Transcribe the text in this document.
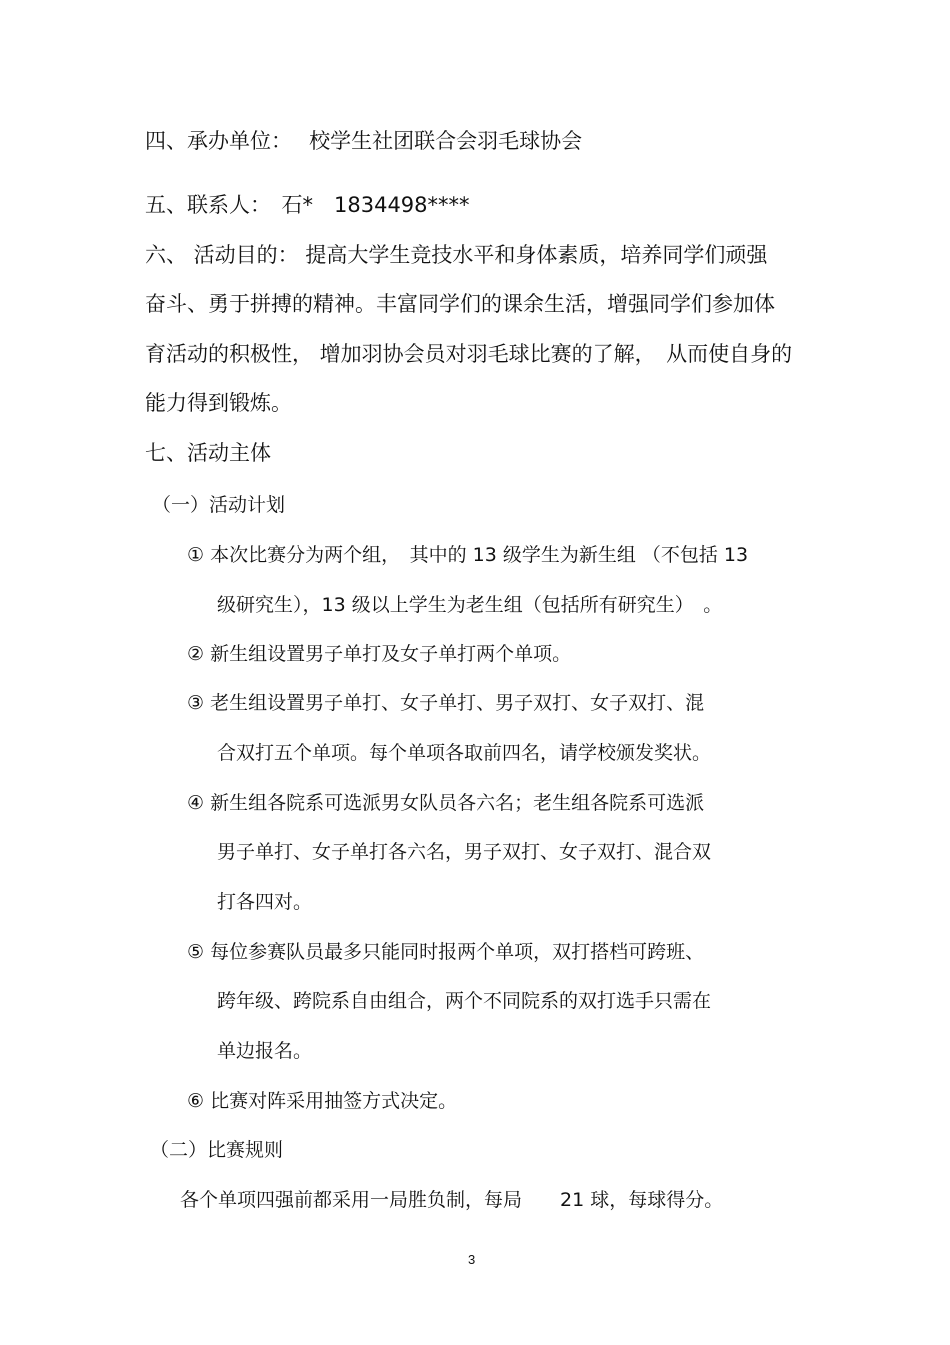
四、承办单位：　 校学生社团联合会羽毛球协会
五、联系人：　石*　1834498****
六、 活动目的： 提高大学生竞技水平和身体素质，培养同学们顽强
奋斗、勇于拼搏的精神。丰富同学们的课余生活，增强同学们参加体
育活动的积极性， 增加羽协会员对羽毛球比赛的了解，　从而使自身的
能力得到锻炼。
七、活动主体
（一）活动计划
① 本次比赛分为两个组，　其中的 13 级学生为新生组 （不包括 13
级研究生），13 级以上学生为老生组（包括所有研究生）　。
② 新生组设置男子单打及女子单打两个单项。
③ 老生组设置男子单打、女子单打、男子双打、女子双打、混
合双打五个单项。每个单项各取前四名，请学校颁发奖状。
④ 新生组各院系可选派男女队员各六名；老生组各院系可选派
男子单打、女子单打各六名，男子双打、女子双打、混合双
打各四对。
⑤ 每位参赛队员最多只能同时报两个单项，双打搭档可跨班、
跨年级、跨院系自由组合，两个不同院系的双打选手只需在
单边报名。
⑥ 比赛对阵采用抽签方式决定。
（二）比赛规则
各个单项四强前都采用一局胜负制，每局　　21 球，每球得分。
3
